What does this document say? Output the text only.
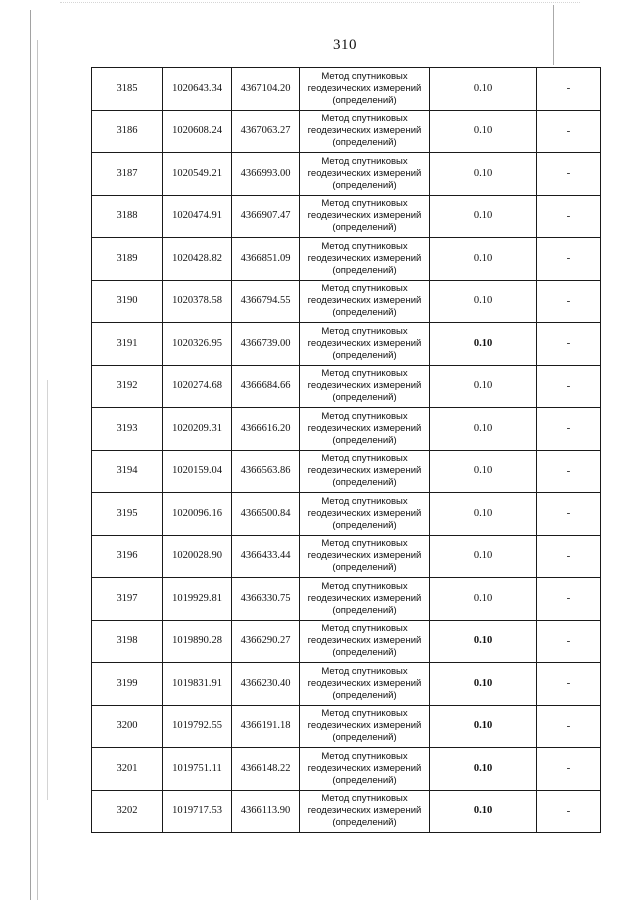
310
3185	1020643.34	4367104.20	Метод спутниковых
геодезических измерений
(определений)	0.10	-
3186	1020608.24	4367063.27	Метод спутниковых
геодезических измерений
(определений)	0.10	-
3187	1020549.21	4366993.00	Метод спутниковых
геодезических измерений
(определений)	0.10	-
3188	1020474.91	4366907.47	Метод спутниковых
геодезических измерений
(определений)	0.10	-
3189	1020428.82	4366851.09	Метод спутниковых
геодезических измерений
(определений)	0.10	-
3190	1020378.58	4366794.55	Метод спутниковых
геодезических измерений
(определений)	0.10	-
3191	1020326.95	4366739.00	Метод спутниковых
геодезических измерений
(определений)	0.10	-
3192	1020274.68	4366684.66	Метод спутниковых
геодезических измерений
(определений)	0.10	-
3193	1020209.31	4366616.20	Метод спутниковых
геодезических измерений
(определений)	0.10	-
3194	1020159.04	4366563.86	Метод спутниковых
геодезических измерений
(определений)	0.10	-
3195	1020096.16	4366500.84	Метод спутниковых
геодезических измерений
(определений)	0.10	-
3196	1020028.90	4366433.44	Метод спутниковых
геодезических измерений
(определений)	0.10	-
3197	1019929.81	4366330.75	Метод спутниковых
геодезических измерений
(определений)	0.10	-
3198	1019890.28	4366290.27	Метод спутниковых
геодезических измерений
(определений)	0.10	-
3199	1019831.91	4366230.40	Метод спутниковых
геодезических измерений
(определений)	0.10	-
3200	1019792.55	4366191.18	Метод спутниковых
геодезических измерений
(определений)	0.10	-
3201	1019751.11	4366148.22	Метод спутниковых
геодезических измерений
(определений)	0.10	-
3202	1019717.53	4366113.90	Метод спутниковых
геодезических измерений
(определений)	0.10	-
